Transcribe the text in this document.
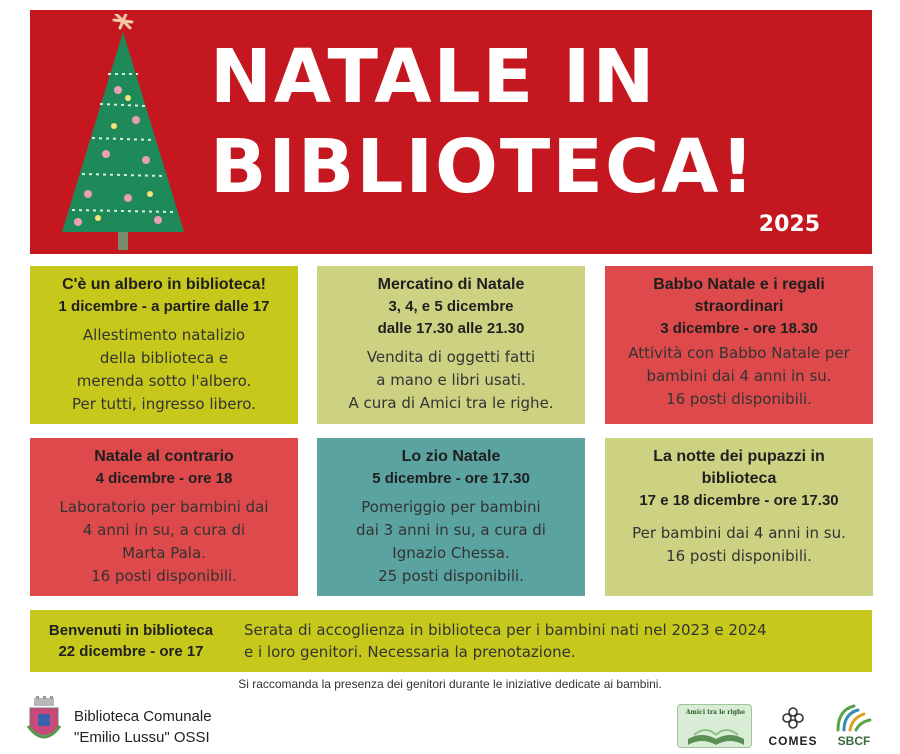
NATALE IN
BIBLIOTECA!
2025
C'è un albero in biblioteca!
1 dicembre - a partire dalle 17
Allestimento natalizio
della biblioteca e
merenda sotto l'albero.
Per tutti, ingresso libero.
Mercatino di Natale
3, 4, e 5 dicembre
dalle 17.30 alle 21.30
Vendita di oggetti fatti
a mano e libri usati.
A cura di Amici tra le righe.
Babbo Natale e i regali
straordinari
3 dicembre - ore 18.30
Attività con Babbo Natale per
bambini dai 4 anni in su.
16 posti disponibili.
Natale al contrario
4 dicembre - ore 18
Laboratorio per bambini dai
4 anni in su, a cura di
Marta Pala.
16 posti disponibili.
Lo zio Natale
5 dicembre - ore 17.30
Pomeriggio per bambini
dai 3 anni in su, a cura di
Ignazio Chessa.
25 posti disponibili.
La notte dei pupazzi in
biblioteca
17 e 18 dicembre - ore 17.30
Per bambini dai 4 anni in su.
16 posti disponibili.
Benvenuti in biblioteca
22 dicembre - ore 17
Serata di accoglienza in biblioteca per i bambini nati nel 2023 e 2024
e i loro genitori. Necessaria la prenotazione.
Si raccomanda la presenza dei genitori durante le iniziative dedicate ai bambini.
Biblioteca Comunale
"Emilio Lussu" OSSI
Amici tra le righe
COMES	SBCF
